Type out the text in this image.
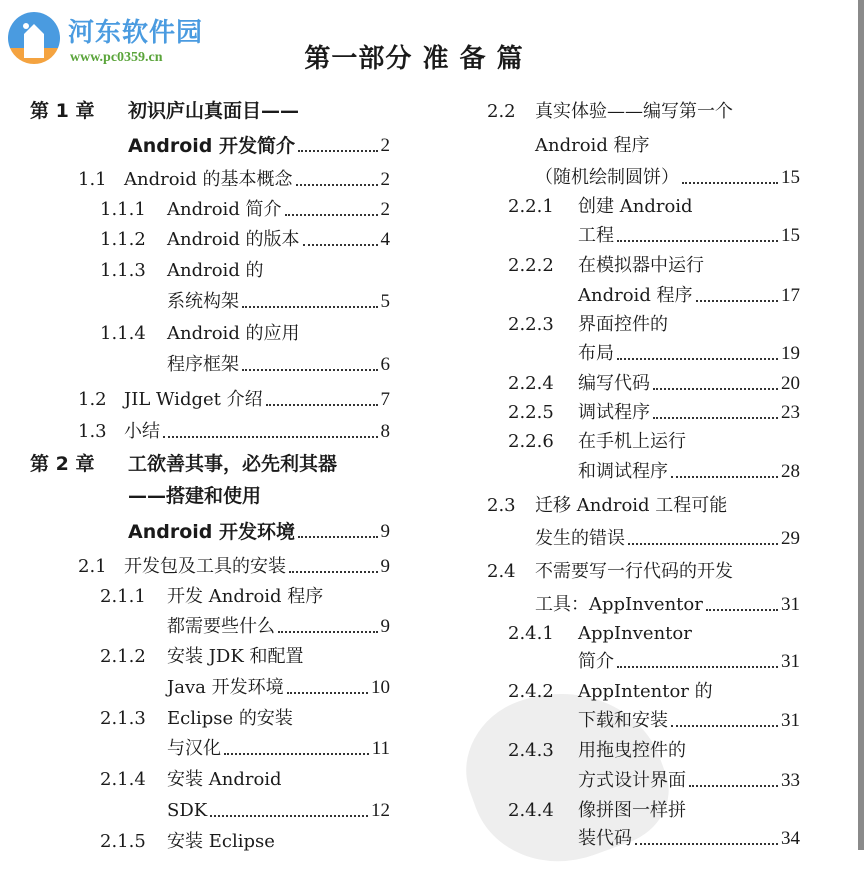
河东软件园
www.pc0359.cn	第一部分 准 备 篇
第 1 章 初识庐山真面目——
Android 开发简介	2
1.1 Android 的基本概念	2
1.1.1 Android 简介	2
1.1.2 Android 的版本	4
1.1.3 Android 的
系统构架	5
1.1.4 Android 的应用
程序框架	6
1.2 JIL Widget 介绍	7
1.3 小结	8
第 2 章 工欲善其事，必先利其器
——搭建和使用
Android 开发环境	9
2.1 开发包及工具的安装	9
2.1.1 开发 Android 程序
都需要些什么	9
2.1.2 安装 JDK 和配置
Java 开发环境	10
2.1.3 Eclipse 的安装
与汉化	11
2.1.4 安装 Android
SDK	12
2.1.5 安装 Eclipse
2.2 真实体验——编写第一个
Android 程序
（随机绘制圆饼）	15
2.2.1 创建 Android
工程	15
2.2.2 在模拟器中运行
Android 程序	17
2.2.3 界面控件的
布局	19
2.2.4 编写代码	20
2.2.5 调试程序	23
2.2.6 在手机上运行
和调试程序	28
2.3 迁移 Android 工程可能
发生的错误	29
2.4 不需要写一行代码的开发
工具：AppInventor	31
2.4.1 AppInventor
简介	31
2.4.2 AppIntentor 的
下载和安装	31
2.4.3 用拖曳控件的
方式设计界面	33
2.4.4 像拼图一样拼
装代码	34
